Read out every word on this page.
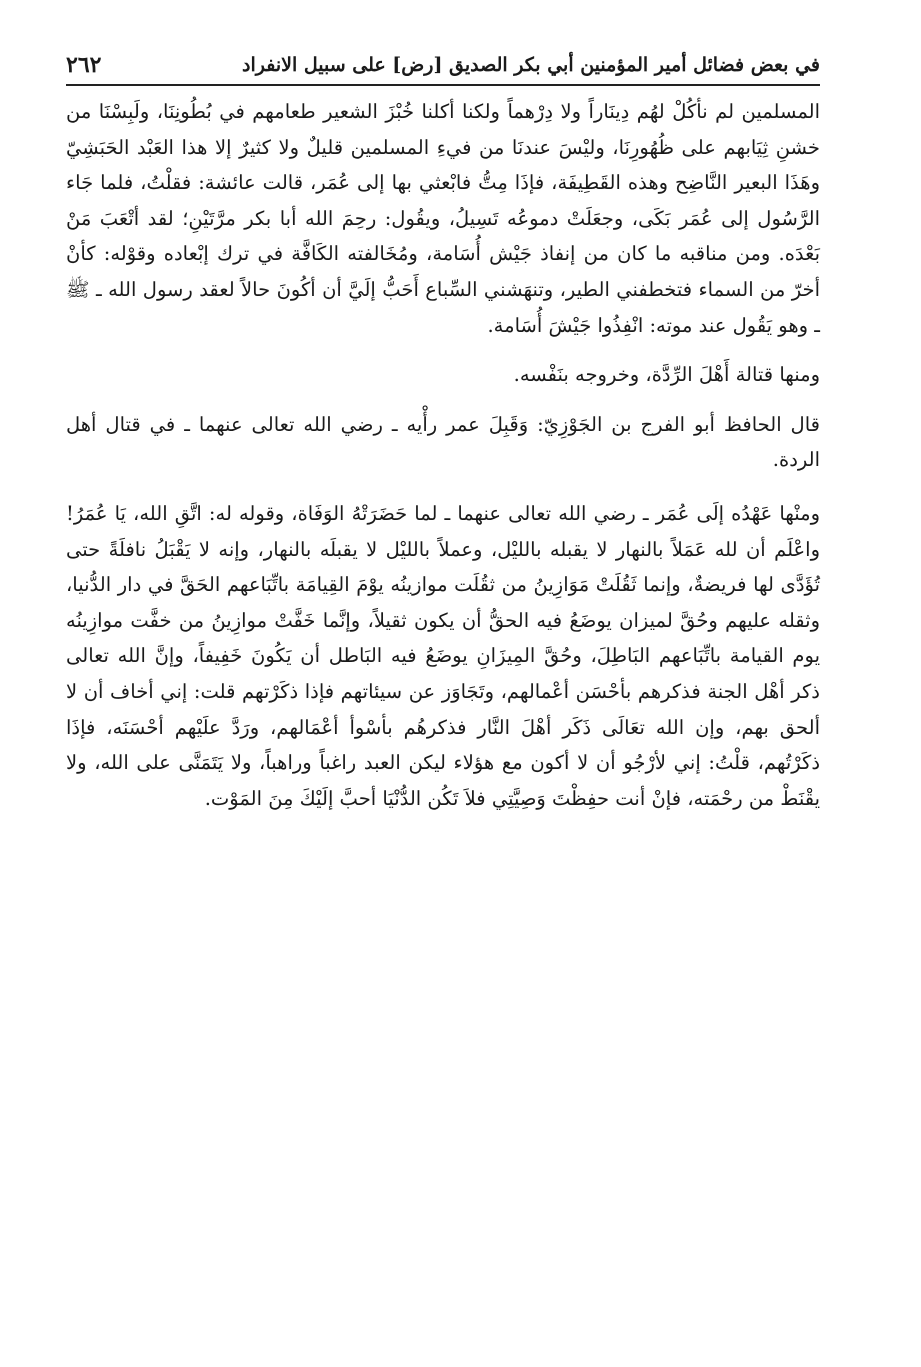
في بعض فضائل أمير المؤمنين أبي بكر الصديق [رض] على سبيل الانفراد
٢٦٢

المسلمين لم نأكُلْ لهُم دِينَاراً ولا دِرْهماً ولكنا أكلنا خُبْزَ الشعير طعامهم في بُطُونِنَا، ولَبِسْنَا من خشنِ ثِيَابهم على ظُهُورِنَا، وليْسَ عندنَا من فيءِ المسلمين قليلٌ ولا كثيرٌ إلا هذا العَبْد الحَبَشِيّ وهَذَا البعير النَّاضِح وهذه القَطِيفَة، فإذَا مِتُّ فابْعثي بها إلى عُمَر، قالت عائشة: فقلْتُ، فلما جَاء الرَّسُول إلى عُمَر بَكَى، وجعَلَتْ دموعُه تَسِيلُ، ويقُول: رحِمَ الله أبا بكر مرَّتَيْنِ؛ لقد أتْعَبَ مَنْ بَعْدَه. ومن مناقبه ما كان من إنفاذ جَيْش أُسَامة، ومُخَالفته الكَافَّة في ترك إبْعاده وقوْله: كأنْ أخرّ من السماء فتخطفني الطير، وتنهَشني السِّباع أَحَبُّ إلَيَّ أن أكُونَ حالاً لعقد رسول الله ـ ﷺ ـ وهو يَقُول عند موته: انْفِذُوا جَيْشَ أُسَامة.

ومنها قتالة أَهْلَ الرِّدَّة، وخروجه بنَفْسه.

قال الحافظ أبو الفرج بن الجَوْزِيّ: وَقَبِلَ عمر رأْيه ـ رضي الله تعالى عنهما ـ في قتال أهل الردة.

ومنْها عَهْدُه إلَى عُمَر ـ رضي الله تعالى عنهما ـ لما حَضَرَتْهُ الوَفَاة، وقوله له: اتَّقِ الله، يَا عُمَرُ! واعْلَم أن لله عَمَلاً بالنهار لا يقبله بالليْل، وعملاً بالليْل لا يقبلَه بالنهار، وإنه لا يَقْبَلُ نافلَةً حتى تُؤَدَّى لها فريضةٌ، وإنما ثَقُلَتْ مَوَازِينُ من ثقُلَت موازينُه يوْمَ القِيامَة باتِّبَاعهم الحَقَّ في دار الدُّنيا، وثقله عليهم وحُقَّ لميزان يوضَعُ فيه الحقُّ أن يكون ثقيلاً، وإنَّما خَفَّتْ موازِينُ من خفَّت موازِينُه يوم القيامة باتِّبَاعهم البَاطِلَ، وحُقَّ المِيزَانِ يوضَعُ فيه البَاطل أن يَكُونَ خَفِيفاً، وإنَّ الله تعالى ذكر أهْل الجنة فذكرهم بأحْسَن أعْمالهم، وتَجَاوَز عن سيئاتهم فإذا ذكَرْتهم قلت: إني أخاف أن لا ألحق بهم، وإن الله تعَالَى ذَكَر أهْلَ النَّار فذكرهُم بأسْوأ أعْمَالهم، ورَدَّ علَيْهم أحْسَنَه، فإذَا ذكَرْتُهم، قلْتُ: إني لأرْجُو أن لا أكون مع هؤلاء ليكن العبد راغباً وراهباً، ولا يَتَمَنَّى على الله، ولا يقْنَطْ من رحْمَته، فإنْ أنت حفِظْتَ وَصِيَّتِي فلاَ تَكُن الدُّنْيَا أحبَّ إلَيْكَ مِنَ المَوْت.
